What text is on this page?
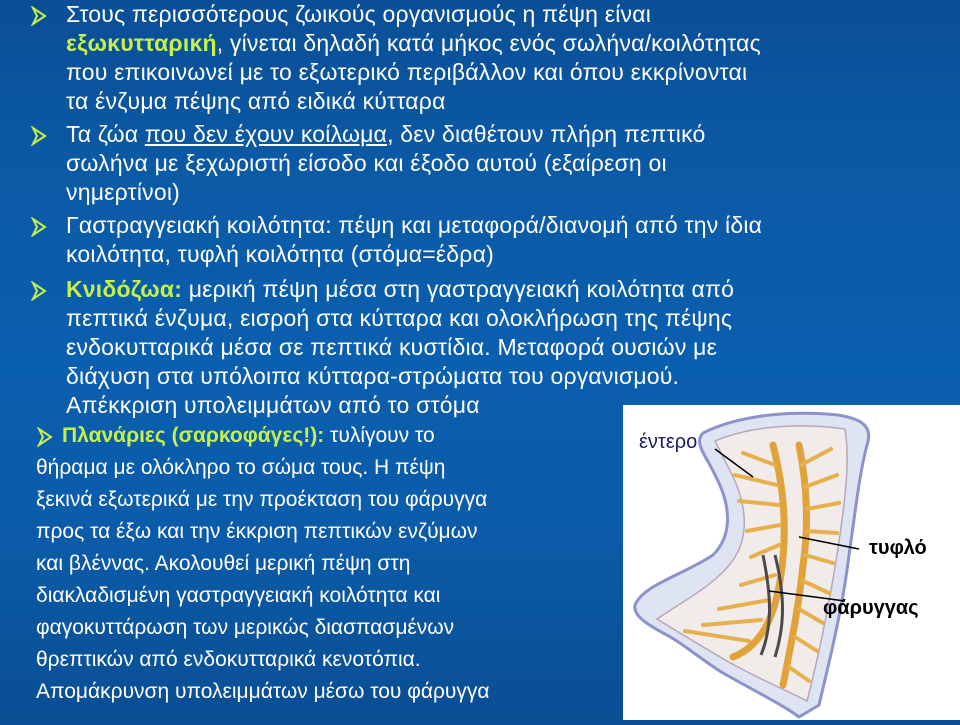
Στους περισσότερους ζωικούς οργανισμούς η πέψη είναι
εξωκυτταρική, γίνεται δηλαδή κατά μήκος ενός σωλήνα/κοιλότητας
που επικοινωνεί με το εξωτερικό περιβάλλον και όπου εκκρίνονται
τα ένζυμα πέψης από ειδικά κύτταρα
Τα ζώα που δεν έχουν κοίλωμα, δεν διαθέτουν πλήρη πεπτικό
σωλήνα με ξεχωριστή είσοδο και έξοδο αυτού (εξαίρεση οι
νημερτίνοι)
Γαστραγγειακή κοιλότητα: πέψη και μεταφορά/διανομή από την ίδια
κοιλότητα, τυφλή κοιλότητα (στόμα=έδρα)
Κνιδόζωα: μερική πέψη μέσα στη γαστραγγειακή κοιλότητα από
πεπτικά ένζυμα, εισροή στα κύτταρα και ολοκλήρωση της πέψης
ενδοκυτταρικά μέσα σε πεπτικά κυστίδια. Μεταφορά ουσιών με
διάχυση στα υπόλοιπα κύτταρα-στρώματα του οργανισμού.
Απέκκριση υπολειμμάτων από το στόμα
Πλανάριες (σαρκοφάγες!): τυλίγουν το
θήραμα με ολόκληρο το σώμα τους. Η πέψη
ξεκινά εξωτερικά με την προέκταση του φάρυγγα
προς τα έξω και την έκκριση πεπτικών ενζύμων
και βλέννας. Ακολουθεί μερική πέψη στη
διακλαδισμένη γαστραγγειακή κοιλότητα και
φαγοκυττάρωση των μερικώς διασπασμένων
θρεπτικών από ενδοκυτταρικά κενοτόπια.
Απομάκρυνση υπολειμμάτων μέσω του φάρυγγα
έντερο
τυφλό
φάρυγγας
